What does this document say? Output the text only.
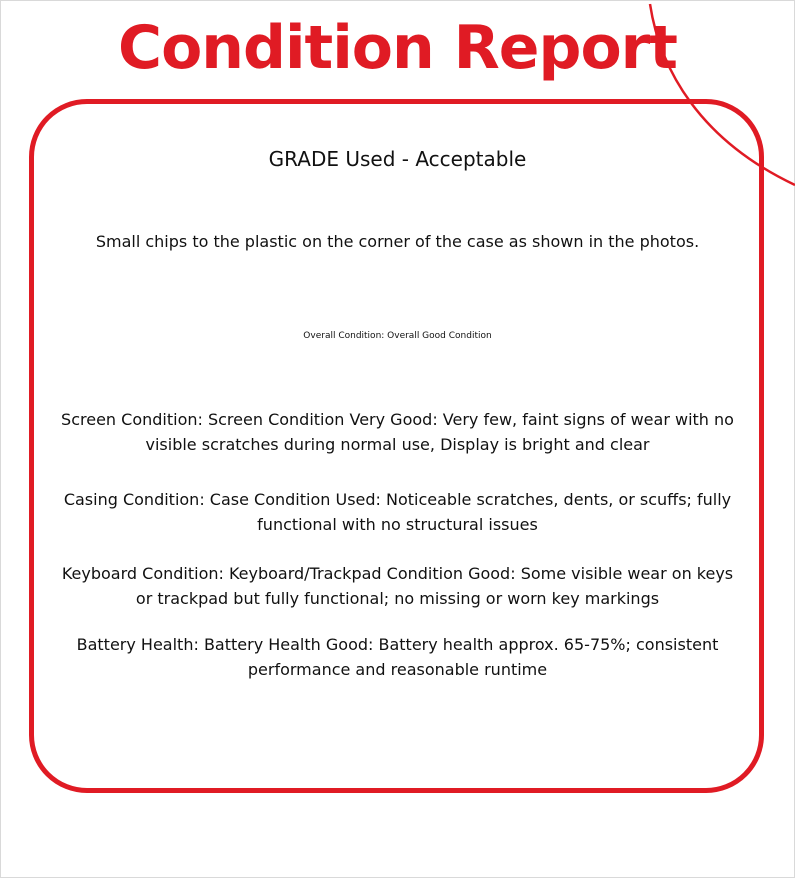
Condition Report

GRADE Used - Acceptable

Small chips to the plastic on the corner of the case as shown in the photos.

Overall Condition: Overall Good Condition

Screen Condition: Screen Condition Very Good: Very few, faint signs of wear with no visible scratches during normal use, Display is bright and clear

Casing Condition: Case Condition Used: Noticeable scratches, dents, or scuffs; fully functional with no structural issues

Keyboard Condition: Keyboard/Trackpad Condition Good: Some visible wear on keys or trackpad but fully functional; no missing or worn key markings

Battery Health: Battery Health Good: Battery health approx. 65-75%; consistent performance and reasonable runtime
